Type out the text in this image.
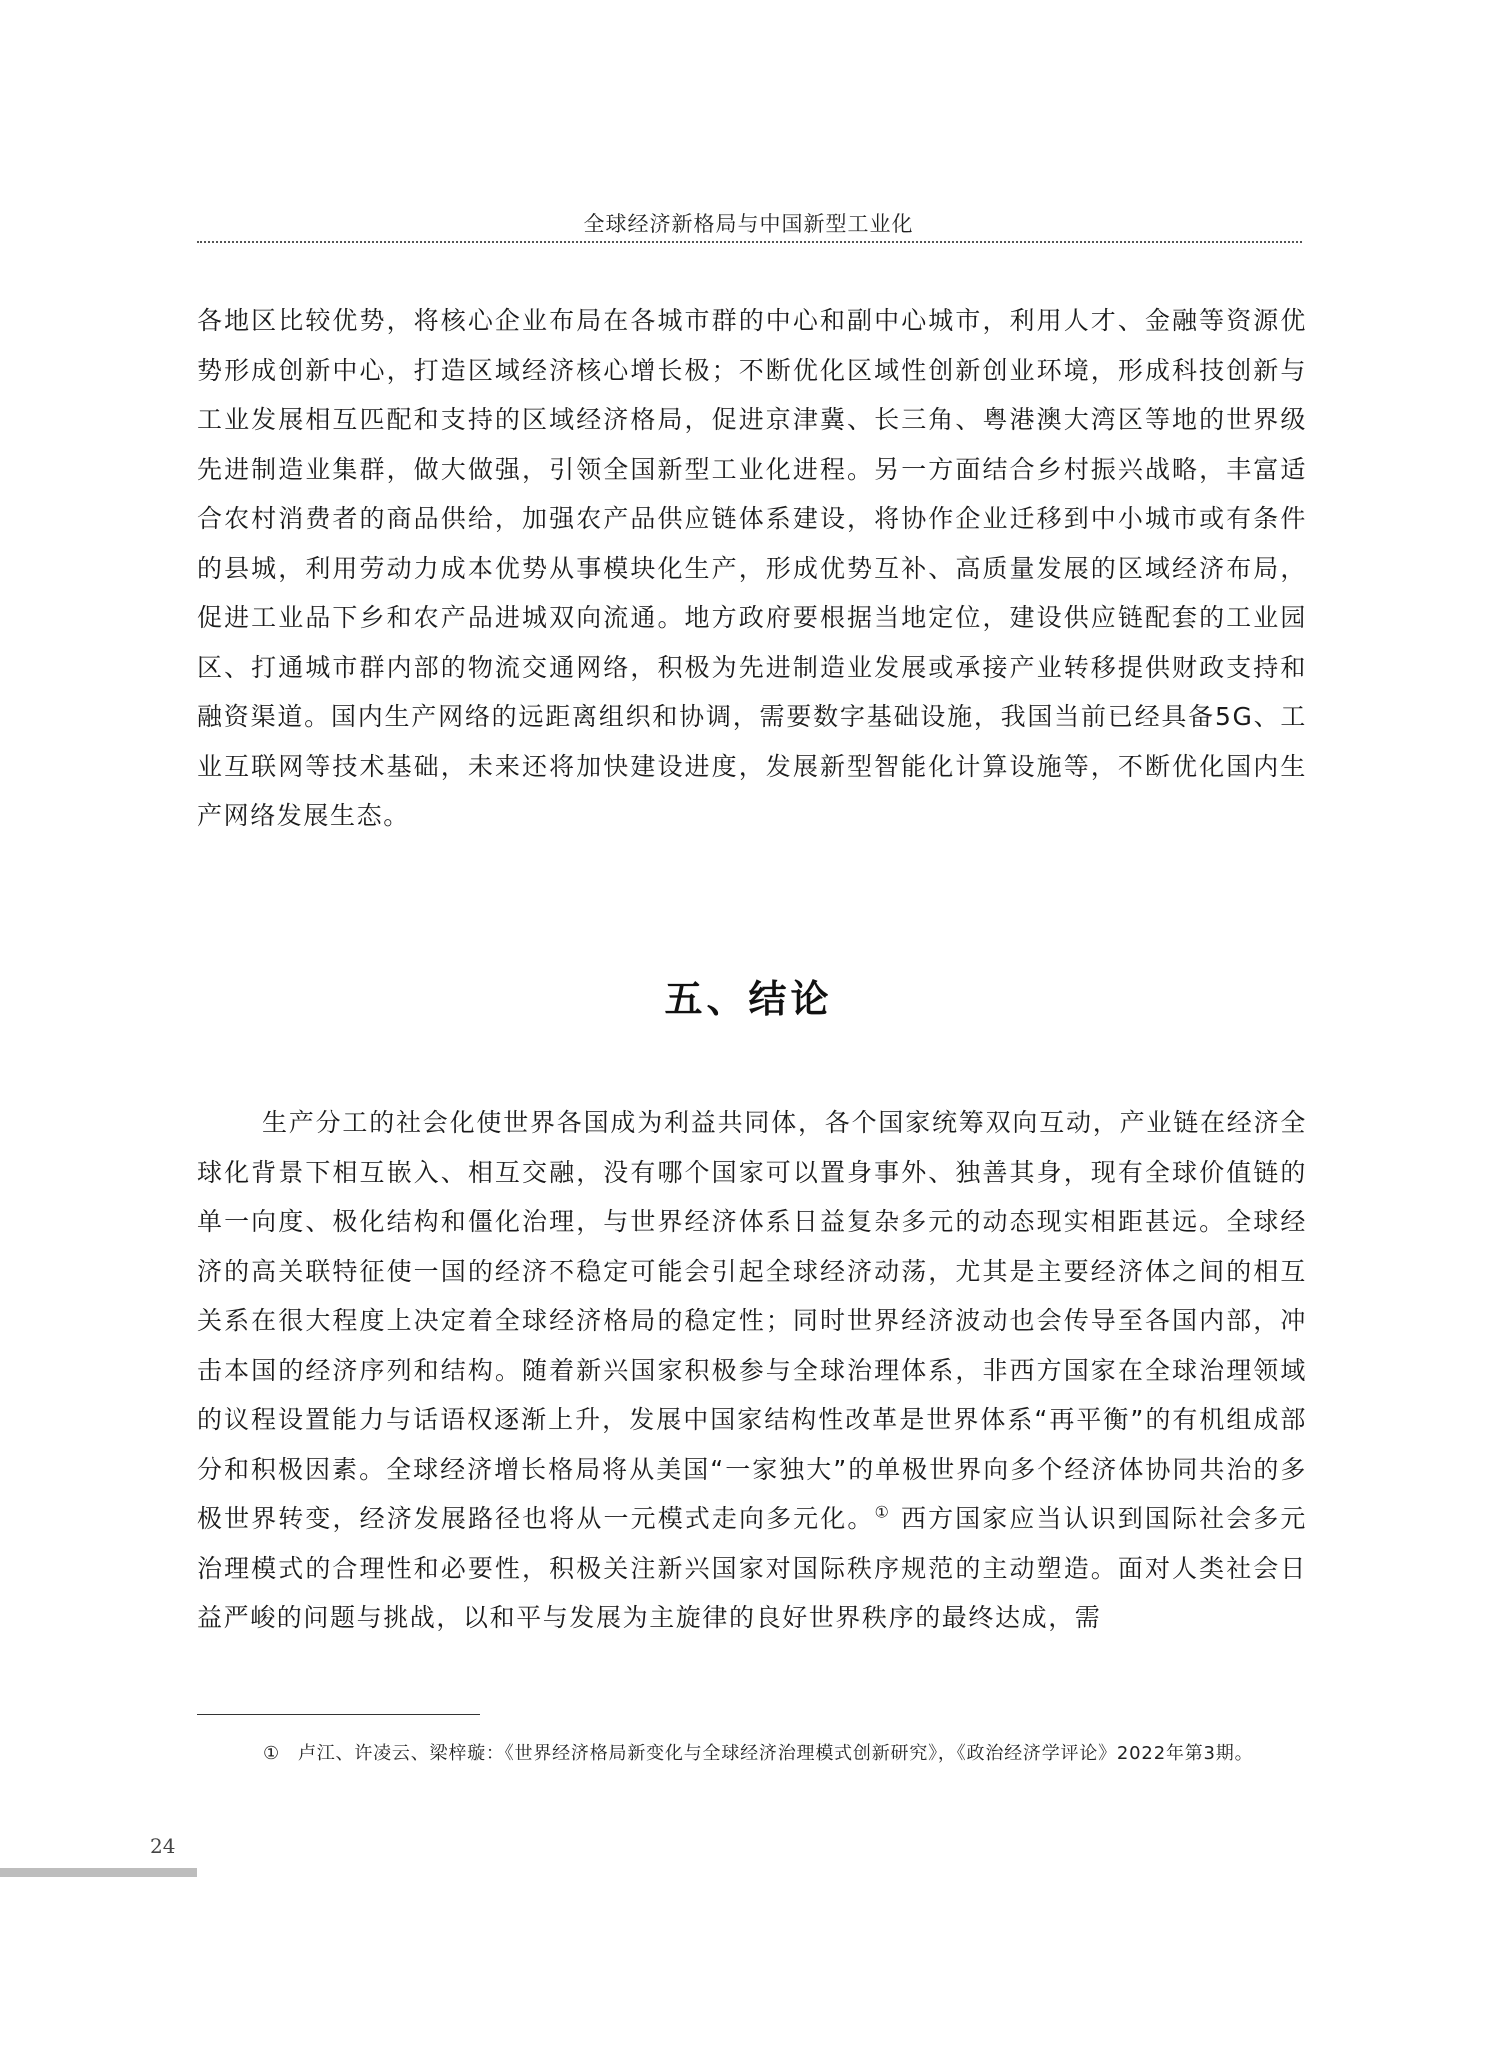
全球经济新格局与中国新型工业化

各地区比较优势，将核心企业布局在各城市群的中心和副中心城市，利用人才、金融等资源优势形成创新中心，打造区域经济核心增长极；不断优化区域性创新创业环境，形成科技创新与工业发展相互匹配和支持的区域经济格局，促进京津冀、长三角、粤港澳大湾区等地的世界级先进制造业集群，做大做强，引领全国新型工业化进程。另一方面结合乡村振兴战略，丰富适合农村消费者的商品供给，加强农产品供应链体系建设，将协作企业迁移到中小城市或有条件的县城，利用劳动力成本优势从事模块化生产，形成优势互补、高质量发展的区域经济布局，促进工业品下乡和农产品进城双向流通。地方政府要根据当地定位，建设供应链配套的工业园区、打通城市群内部的物流交通网络，积极为先进制造业发展或承接产业转移提供财政支持和融资渠道。国内生产网络的远距离组织和协调，需要数字基础设施，我国当前已经具备5G、工业互联网等技术基础，未来还将加快建设进度，发展新型智能化计算设施等，不断优化国内生产网络发展生态。

五、结论

生产分工的社会化使世界各国成为利益共同体，各个国家统筹双向互动，产业链在经济全球化背景下相互嵌入、相互交融，没有哪个国家可以置身事外、独善其身，现有全球价值链的单一向度、极化结构和僵化治理，与世界经济体系日益复杂多元的动态现实相距甚远。全球经济的高关联特征使一国的经济不稳定可能会引起全球经济动荡，尤其是主要经济体之间的相互关系在很大程度上决定着全球经济格局的稳定性；同时世界经济波动也会传导至各国内部，冲击本国的经济序列和结构。随着新兴国家积极参与全球治理体系，非西方国家在全球治理领域的议程设置能力与话语权逐渐上升，发展中国家结构性改革是世界体系“再平衡”的有机组成部分和积极因素。全球经济增长格局将从美国“一家独大”的单极世界向多个经济体协同共治的多极世界转变，经济发展路径也将从一元模式走向多元化。① 西方国家应当认识到国际社会多元治理模式的合理性和必要性，积极关注新兴国家对国际秩序规范的主动塑造。面对人类社会日益严峻的问题与挑战，以和平与发展为主旋律的良好世界秩序的最终达成，需

① 卢江、许凌云、梁梓璇：《世界经济格局新变化与全球经济治理模式创新研究》，《政治经济学评论》2022年第3期。

24
